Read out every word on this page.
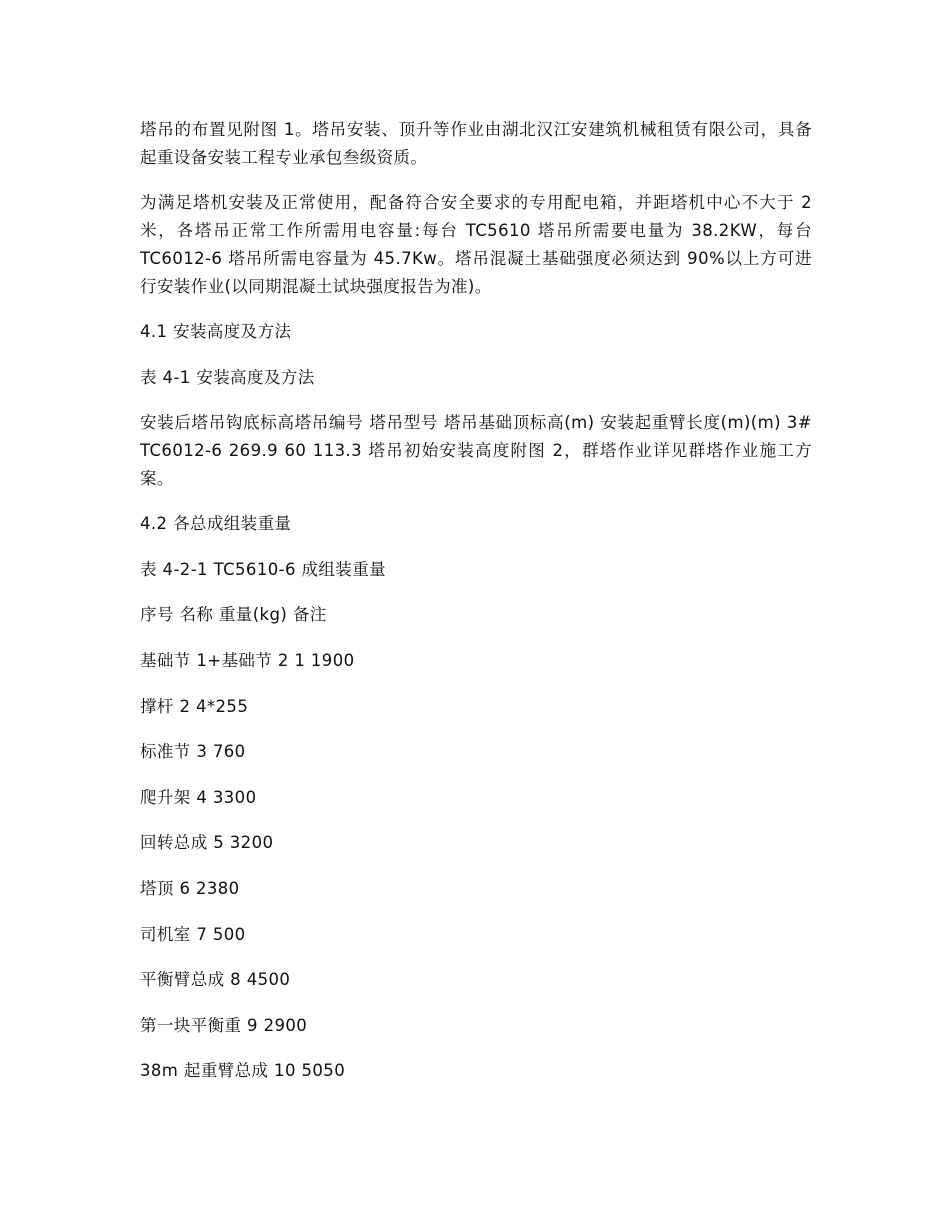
塔吊的布置见附图 1。塔吊安装、顶升等作业由湖北汉江安建筑机械租赁有限公司，具备起重设备安装工程专业承包叁级资质。

为满足塔机安装及正常使用，配备符合安全要求的专用配电箱，并距塔机中心不大于 2 米，各塔吊正常工作所需用电容量:每台 TC5610 塔吊所需要电量为 38.2KW，每台 TC6012-6 塔吊所需电容量为 45.7Kw。塔吊混凝土基础强度必须达到 90%以上方可进行安装作业(以同期混凝土试块强度报告为准)。

4.1 安装高度及方法
表 4-1 安装高度及方法

安装后塔吊钩底标高塔吊编号 塔吊型号 塔吊基础顶标高(m) 安装起重臂长度(m)(m) 3# TC6012-6 269.9 60 113.3 塔吊初始安装高度附图 2，群塔作业详见群塔作业施工方案。

4.2 各总成组装重量
表 4-2-1 TC5610-6 成组装重量
序号 名称 重量(kg) 备注
基础节 1+基础节 2 1 1900
撑杆 2 4*255
标准节 3 760
爬升架 4 3300
回转总成 5 3200
塔顶 6 2380
司机室 7 500
平衡臂总成 8 4500
第一块平衡重 9 2900
38m 起重臂总成 10 5050
